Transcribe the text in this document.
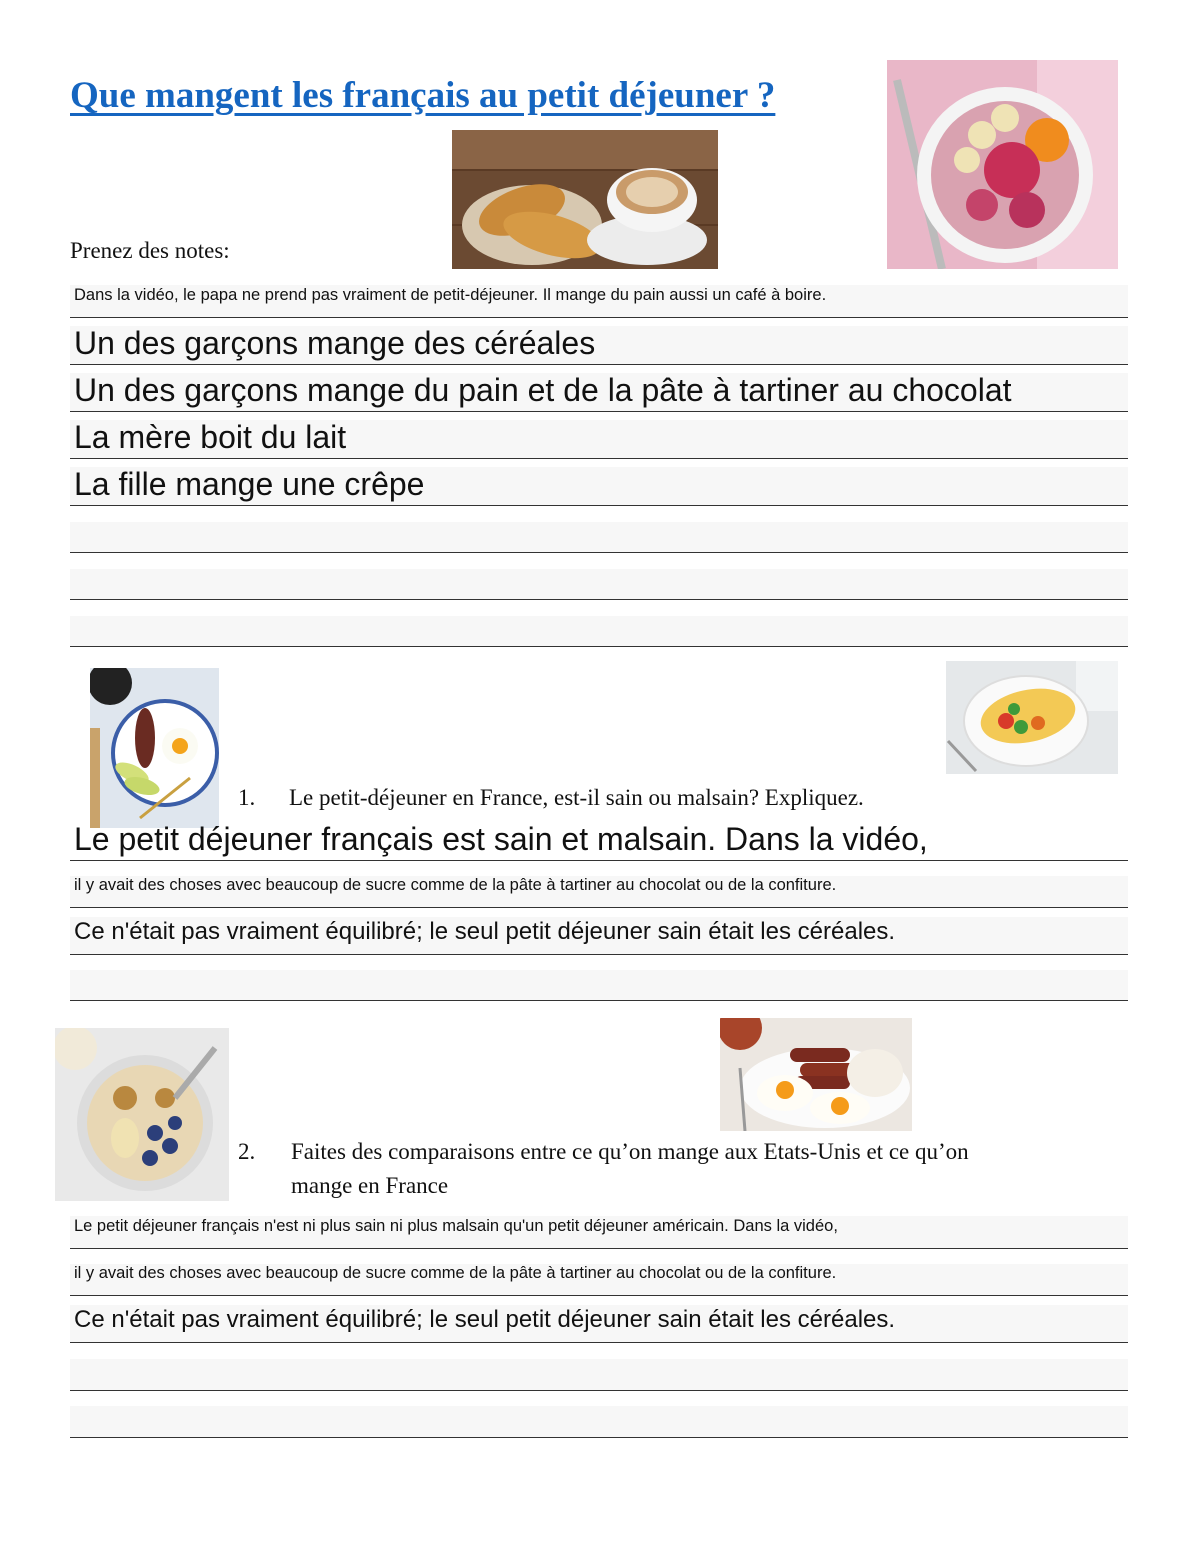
Que mangent les français au petit déjeuner ?
Prenez des notes:
Dans la vidéo, le papa ne prend pas vraiment de petit-déjeuner. Il mange du pain aussi un café à boire.
Un des garçons mange des céréales
Un des garçons mange du pain et de la pâte à tartiner au chocolat
La mère boit du lait
La fille mange une crêpe
1. Le petit-déjeuner en France, est-il sain ou malsain? Expliquez.
Le petit déjeuner français est sain et malsain. Dans la vidéo,
il y avait des choses avec beaucoup de sucre comme de la pâte à tartiner au chocolat ou de la confiture.
Ce n'était pas vraiment équilibré; le seul petit déjeuner sain était les céréales.
2. Faites des comparaisons entre ce qu’on mange aux Etats-Unis et ce qu’on
mange en France
Le petit déjeuner français n'est ni plus sain ni plus malsain qu'un petit déjeuner américain. Dans la vidéo,
il y avait des choses avec beaucoup de sucre comme de la pâte à tartiner au chocolat ou de la confiture.
Ce n'était pas vraiment équilibré; le seul petit déjeuner sain était les céréales.
